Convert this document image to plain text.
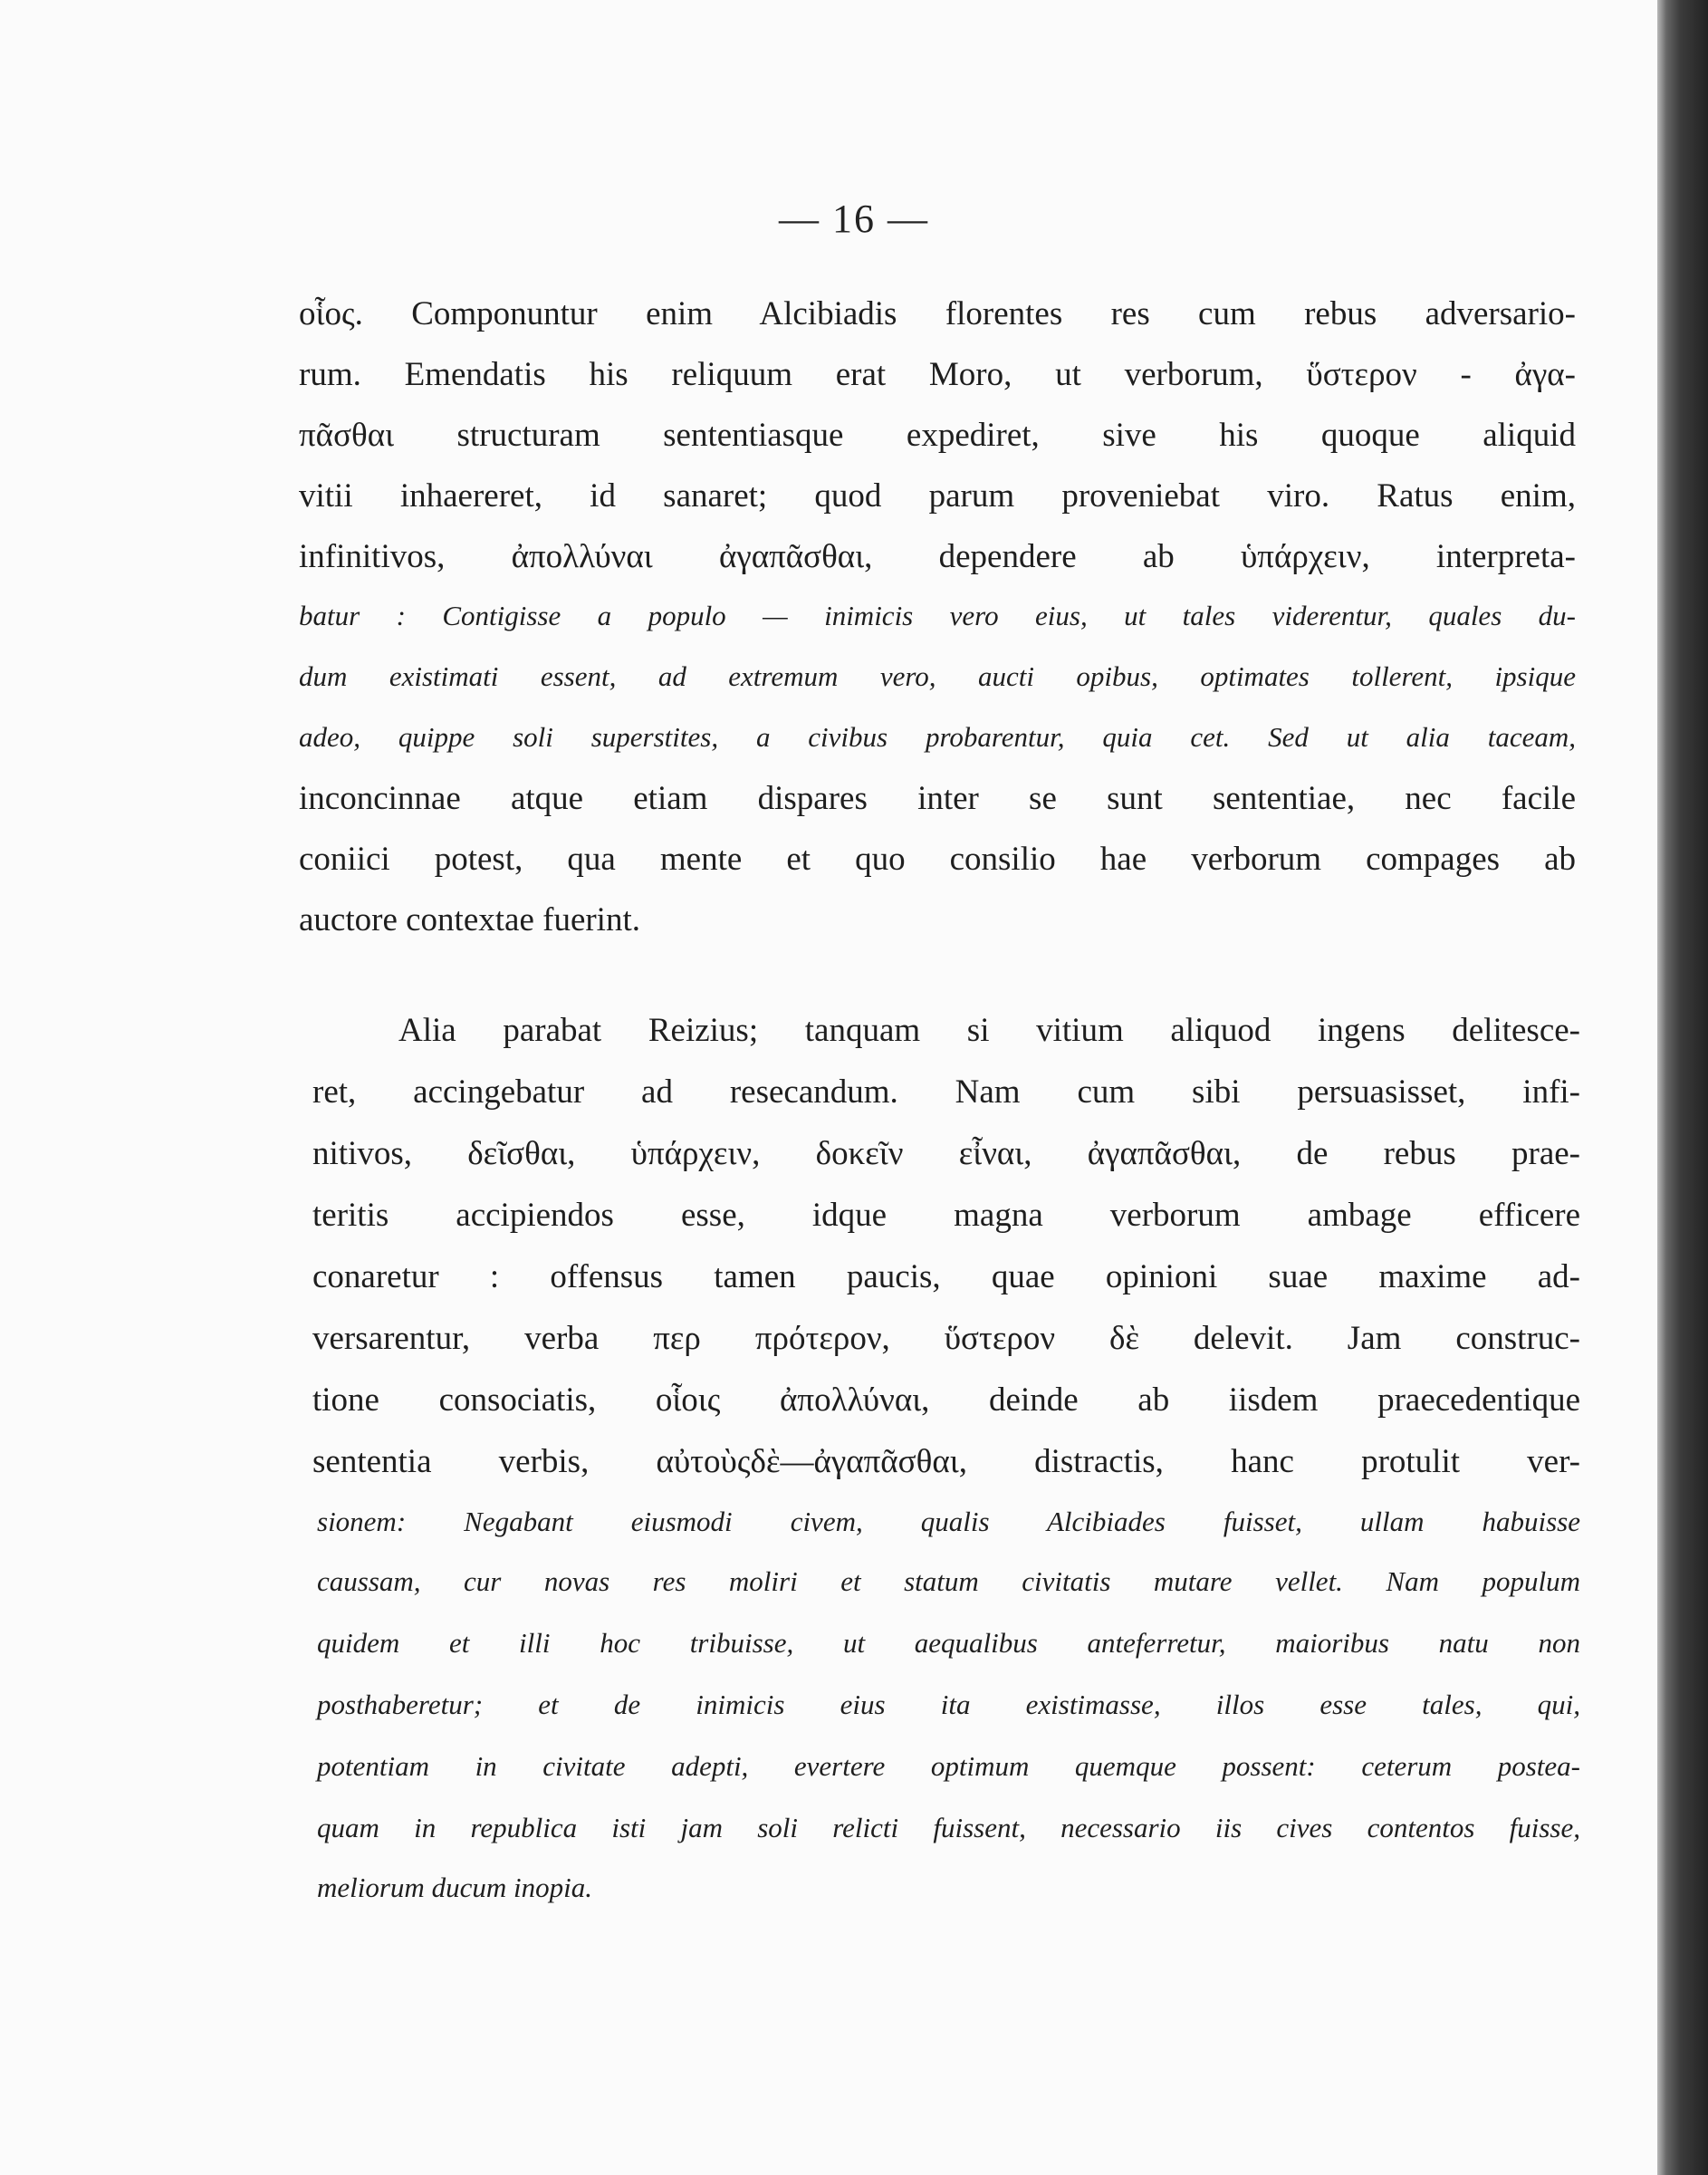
— 16 —
οἷος. Componuntur enim Alcibiadis florentes res cum rebus adversario-
rum. Emendatis his reliquum erat Moro, ut verborum, ὕστερον - ἀγα-
πᾶσθαι structuram sententiasque expediret, sive his quoque aliquid
vitii inhaereret, id sanaret; quod parum proveniebat viro. Ratus enim,
infinitivos, ἀπολλύναι ἀγαπᾶσθαι, dependere ab ὑπάρχειν, interpreta-
batur : Contigisse a populo — inimicis vero eius, ut tales viderentur, quales du-
dum existimati essent, ad extremum vero, aucti opibus, optimates tollerent, ipsique
adeo, quippe soli superstites, a civibus probarentur, quia cet. Sed ut alia taceam,
inconcinnae atque etiam dispares inter se sunt sententiae, nec facile
coniici potest, qua mente et quo consilio hae verborum compages ab
auctore contextae fuerint.
Alia parabat Reizius; tanquam si vitium aliquod ingens delitesce-
ret, accingebatur ad resecandum. Nam cum sibi persuasisset, infi-
nitivos, δεῖσθαι, ὑπάρχειν, δοκεῖν εἶναι, ἀγαπᾶσθαι, de rebus prae-
teritis accipiendos esse, idque magna verborum ambage efficere
conaretur : offensus tamen paucis, quae opinioni suae maxime ad-
versarentur, verba περ πρότερον, ὕστερον δὲ delevit. Jam construc-
tione consociatis, οἷοις ἀπολλύναι, deinde ab iisdem praecedentique
sententia verbis, αὐτοὺςδὲ—ἀγαπᾶσθαι, distractis, hanc protulit ver-
sionem: Negabant eiusmodi civem, qualis Alcibiades fuisset, ullam habuisse
caussam, cur novas res moliri et statum civitatis mutare vellet. Nam populum
quidem et illi hoc tribuisse, ut aequalibus anteferretur, maioribus natu non
posthaberetur; et de inimicis eius ita existimasse, illos esse tales, qui,
potentiam in civitate adepti, evertere optimum quemque possent: ceterum postea-
quam in republica isti jam soli relicti fuissent, necessario iis cives contentos fuisse,
meliorum ducum inopia.
